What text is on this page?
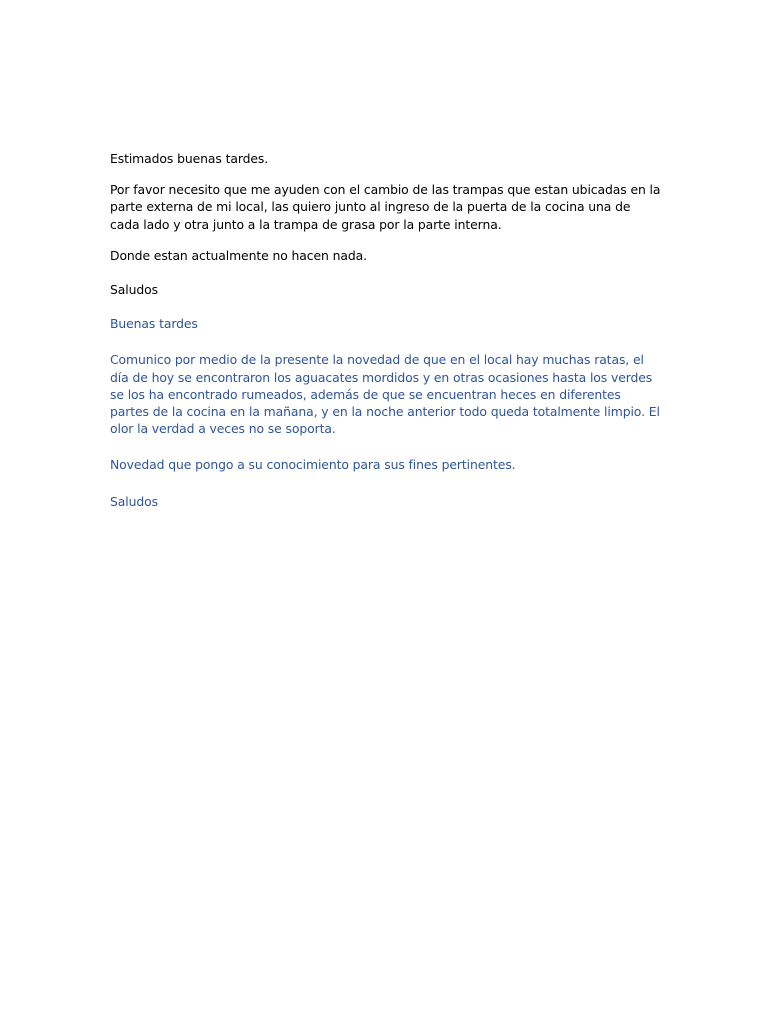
Estimados buenas tardes.

Por favor necesito que me ayuden con el cambio de las trampas que estan ubicadas en la parte externa de mi local, las quiero junto al ingreso de la puerta de la cocina una de cada lado y otra junto a la trampa de grasa por la parte interna.

Donde estan actualmente no hacen nada.

Saludos

Buenas tardes

Comunico por medio de la presente la novedad de que en el local hay muchas ratas, el día de hoy se encontraron los aguacates mordidos y en otras ocasiones hasta los verdes se los ha encontrado rumeados, además de que se encuentran heces en diferentes partes de la cocina en la mañana, y en la noche anterior todo queda totalmente limpio. El olor la verdad a veces no se soporta.

Novedad que pongo a su conocimiento para sus fines pertinentes.

Saludos
